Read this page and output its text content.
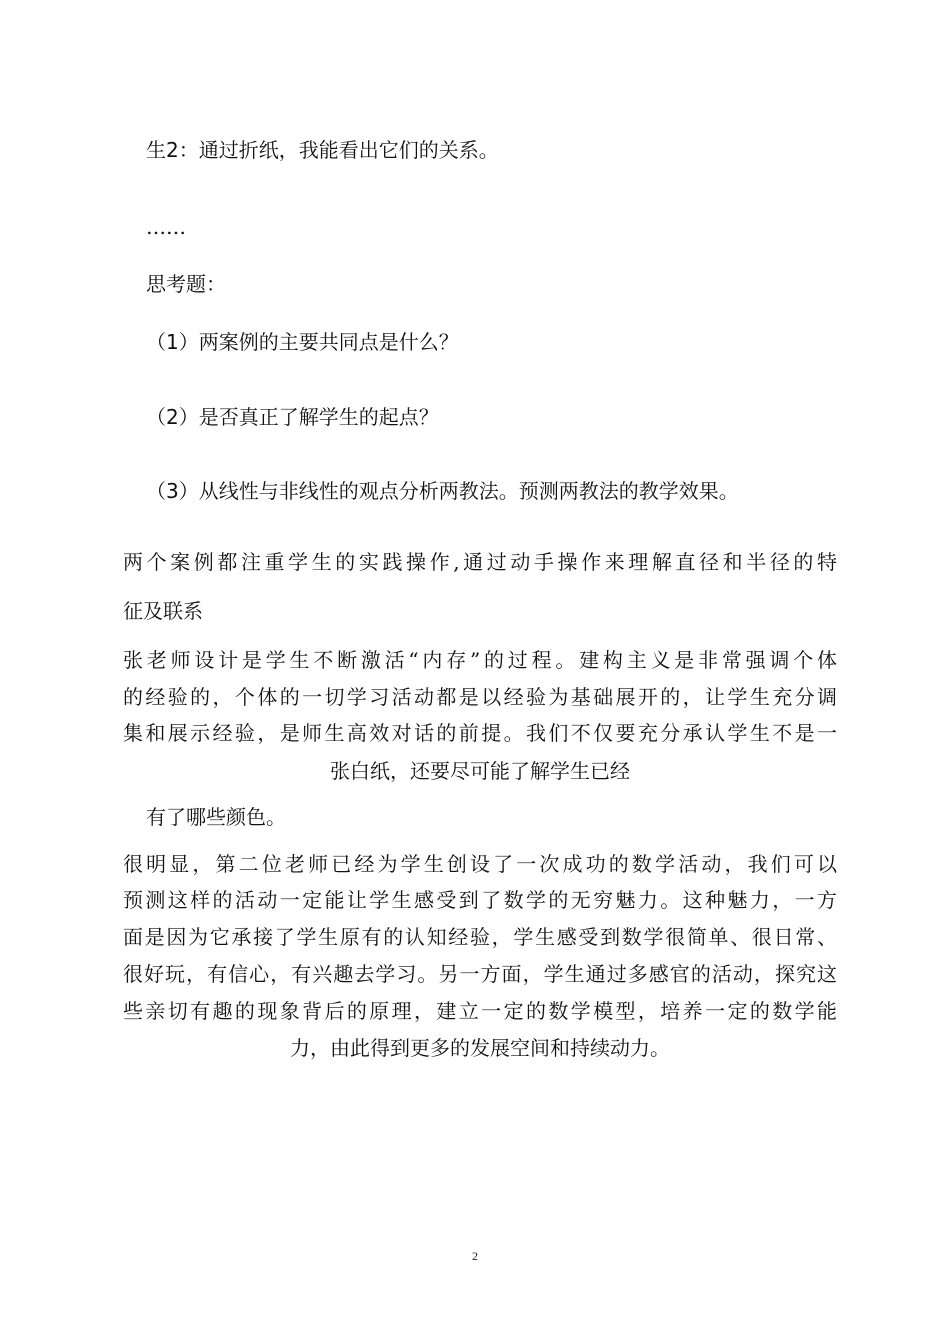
生2：通过折纸，我能看出它们的关系。
……
思考题：
（1）两案例的主要共同点是什么？
（2）是否真正了解学生的起点？
（3）从线性与非线性的观点分析两教法。预测两教法的教学效果。
两个案例都注重学生的实践操作,通过动手操作来理解直径和半径的特
征及联系
张老师设计是学生不断激活“内存”的过程。建构主义是非常强调个体
的经验的，个体的一切学习活动都是以经验为基础展开的，让学生充分调
集和展示经验，是师生高效对话的前提。我们不仅要充分承认学生不是一
张白纸，还要尽可能了解学生已经
有了哪些颜色。
很明显，第二位老师已经为学生创设了一次成功的数学活动，我们可以
预测这样的活动一定能让学生感受到了数学的无穷魅力。这种魅力，一方
面是因为它承接了学生原有的认知经验，学生感受到数学很简单、很日常、
很好玩，有信心，有兴趣去学习。另一方面，学生通过多感官的活动，探究这
些亲切有趣的现象背后的原理，建立一定的数学模型，培养一定的数学能
力，由此得到更多的发展空间和持续动力。
2
